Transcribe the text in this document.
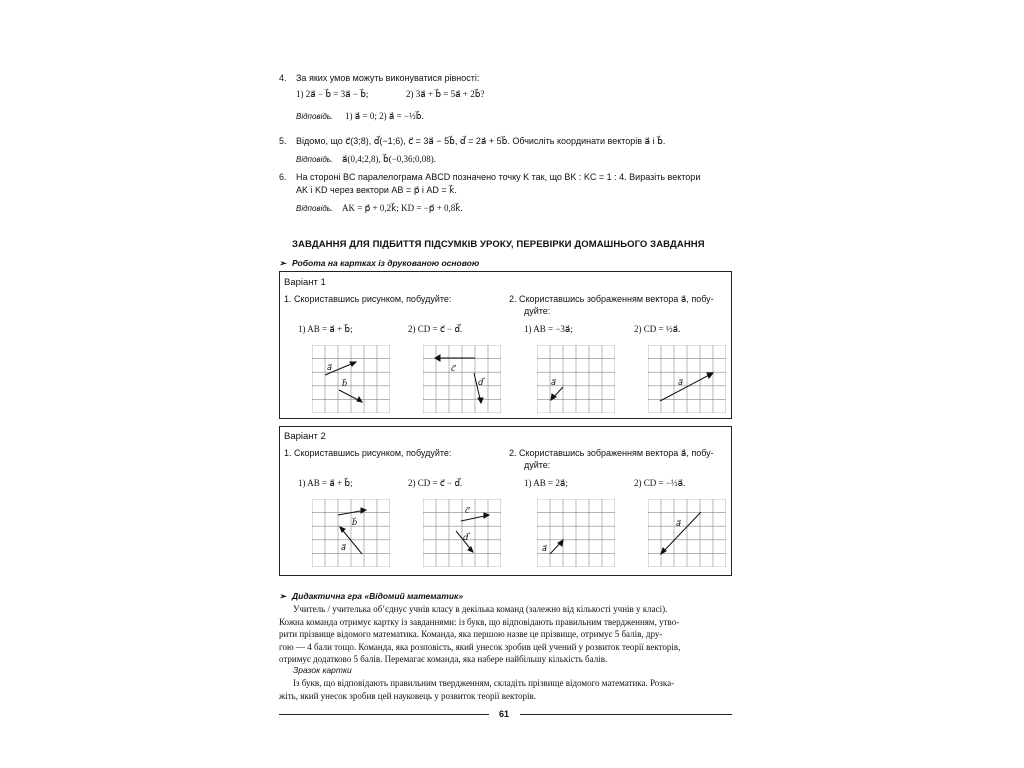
4. За яких умов можуть виконуватися рівності:
1) 2a⃗ − b⃗ = 3a⃗ − b⃗;	2) 3a⃗ + b⃗ = 5a⃗ + 2b⃗?
Відповідь. 1) a⃗ = 0; 2) a⃗ = −½b⃗.
5. Відомо, що c⃗(3;8), d⃗(−1;6), c⃗ = 3a⃗ − 5b⃗, d⃗ = 2a⃗ + 5b⃗. Обчисліть координати векторів a⃗ і b⃗.
Відповідь. a⃗(0,4;2,8), b⃗(−0,36;0,08).
6. На стороні BC паралелограма ABCD позначено точку K так, що BK : KC = 1 : 4. Виразіть вектори
AK і KD через вектори AB = p⃗ і AD = k⃗.
Відповідь. AK = p⃗ + 0,2k⃗; KD = −p⃗ + 0,8k⃗.
ЗАВДАННЯ ДЛЯ ПІДБИТТЯ ПІДСУМКІВ УРОКУ, ПЕРЕВІРКИ ДОМАШНЬОГО ЗАВДАННЯ
➢ Робота на картках із друкованою основою
Варіант 1
1. Скориставшись рисунком, побудуйте:
1) AB = a⃗ + b⃗;	2) CD = c⃗ − d⃗.
2. Скориставшись зображенням вектора a⃗, побу-
дуйте:
1) AB = −3a⃗;	2) CD = ½a⃗.
a⃗
b⃗
c⃗
d⃗	a⃗	a⃗
Варіант 2
1. Скориставшись рисунком, побудуйте:
1) AB = a⃗ + b⃗;	2) CD = c⃗ − d⃗.
2. Скориставшись зображенням вектора a⃗, побу-
дуйте:
1) AB = 2a⃗;	2) CD = −⅓a⃗.
b⃗
a⃗
c⃗
d⃗
a⃗
a⃗
➢ Дидактична гра «Відомий математик»
Учитель / учителька об’єднує учнів класу в декілька команд (залежно від кількості учнів у класі).
Кожна команда отримує картку із завданнями: із букв, що відповідають правильним твердженням, утво-
рити прізвище відомого математика. Команда, яка першою назве це прізвище, отримує 5 балів, дру-
гою — 4 бали тощо. Команда, яка розповість, який унесок зробив цей учений у розвиток теорії векторів,
отримує додатково 5 балів. Перемагає команда, яка набере найбільшу кількість балів.
Зразок картки
Із букв, що відповідають правильним твердженням, складіть прізвище відомого математика. Розка-
жіть, який унесок зробив цей науковець у розвиток теорії векторів.
61
